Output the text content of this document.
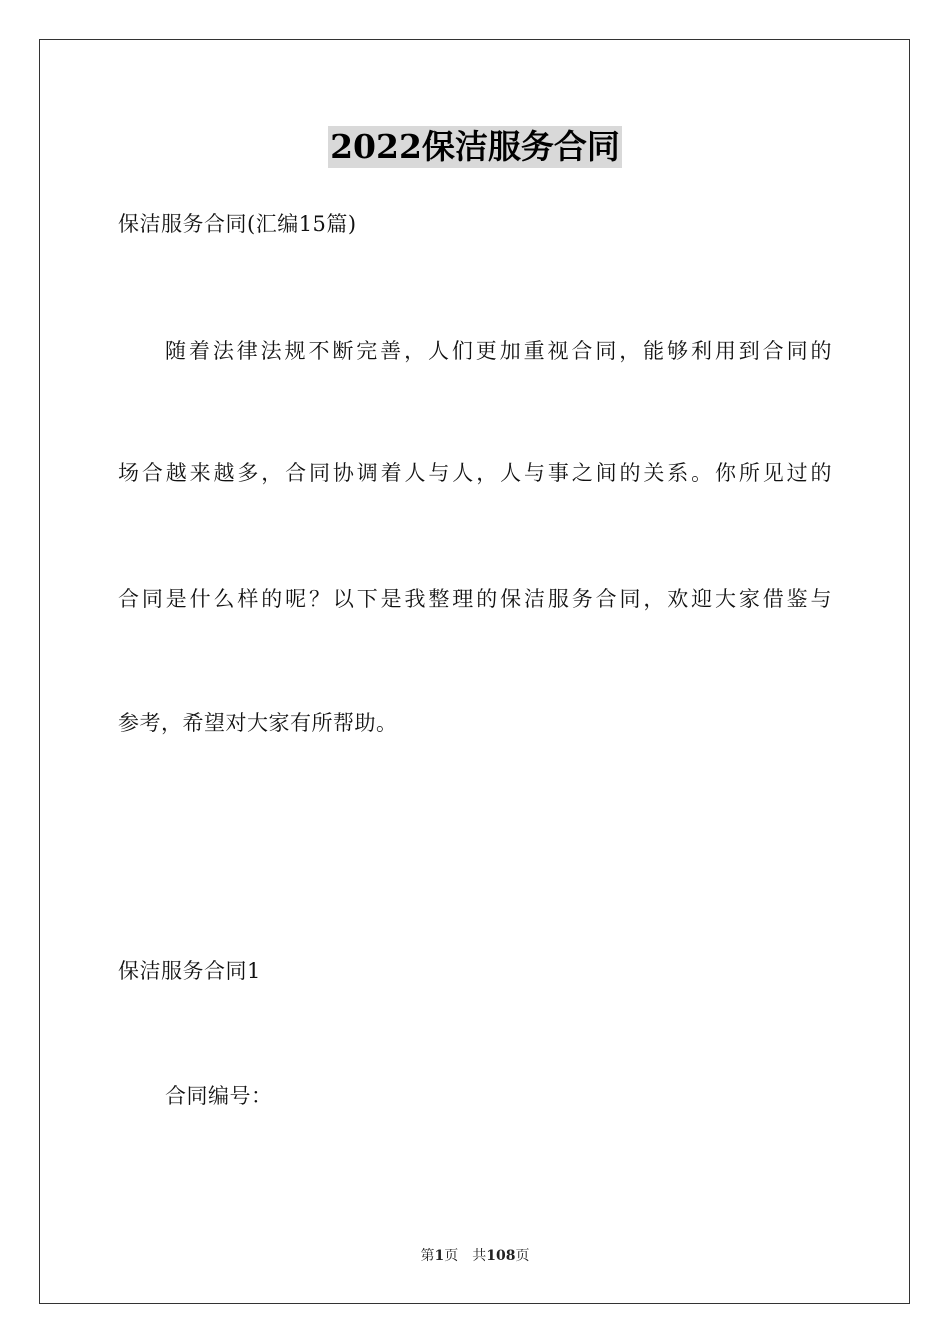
2022保洁服务合同
保洁服务合同(汇编15篇)
随着法律法规不断完善，人们更加重视合同，能够利用到合同的
场合越来越多，合同协调着人与人，人与事之间的关系。你所见过的
合同是什么样的呢？以下是我整理的保洁服务合同，欢迎大家借鉴与
参考，希望对大家有所帮助。
保洁服务合同1
合同编号：
第1页 共108页
